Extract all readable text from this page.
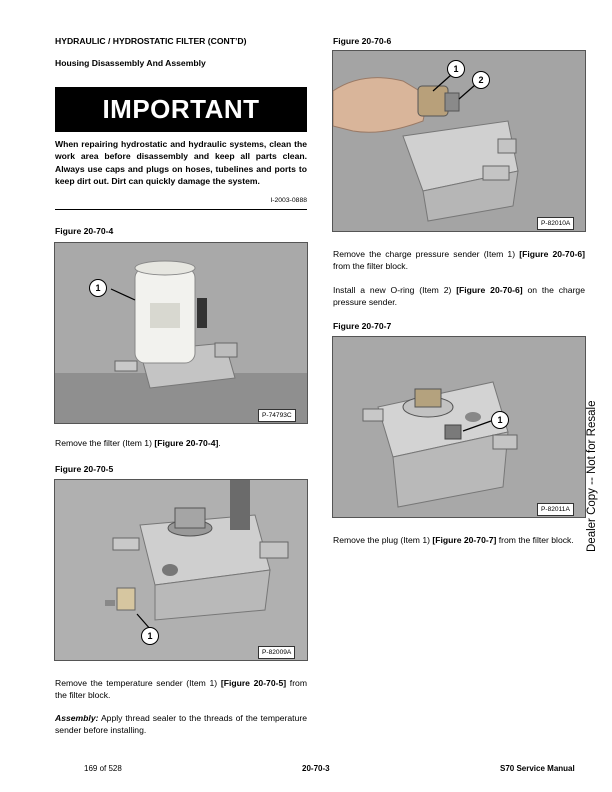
HYDRAULIC / HYDROSTATIC FILTER (CONT’D)
Housing Disassembly And Assembly
IMPORTANT
When repairing hydrostatic and hydraulic systems, clean the work area before disassembly and keep all parts clean. Always use caps and plugs on hoses, tubelines and ports to keep dirt out. Dirt can quickly damage the system.
I-2003-0888
Figure 20-70-4
1
P-74793C
Remove the filter (Item 1) [Figure 20-70-4].
Figure 20-70-5
1
P-82009A
Remove the temperature sender (Item 1) [Figure 20-70-5] from the filter block.
Assembly: Apply thread sealer to the threads of the temperature sender before installing.
Figure 20-70-6
1
2
P-82010A
Remove the charge pressure sender (Item 1) [Figure 20-70-6] from the filter block.
Install a new O-ring (Item 2) [Figure 20-70-6] on the charge pressure sender.
Figure 20-70-7
1
P-82011A
Remove the plug (Item 1) [Figure 20-70-7] from the filter block.	Dealer Copy -- Not for Resale
169 of 528	20-70-3	S70 Service Manual
